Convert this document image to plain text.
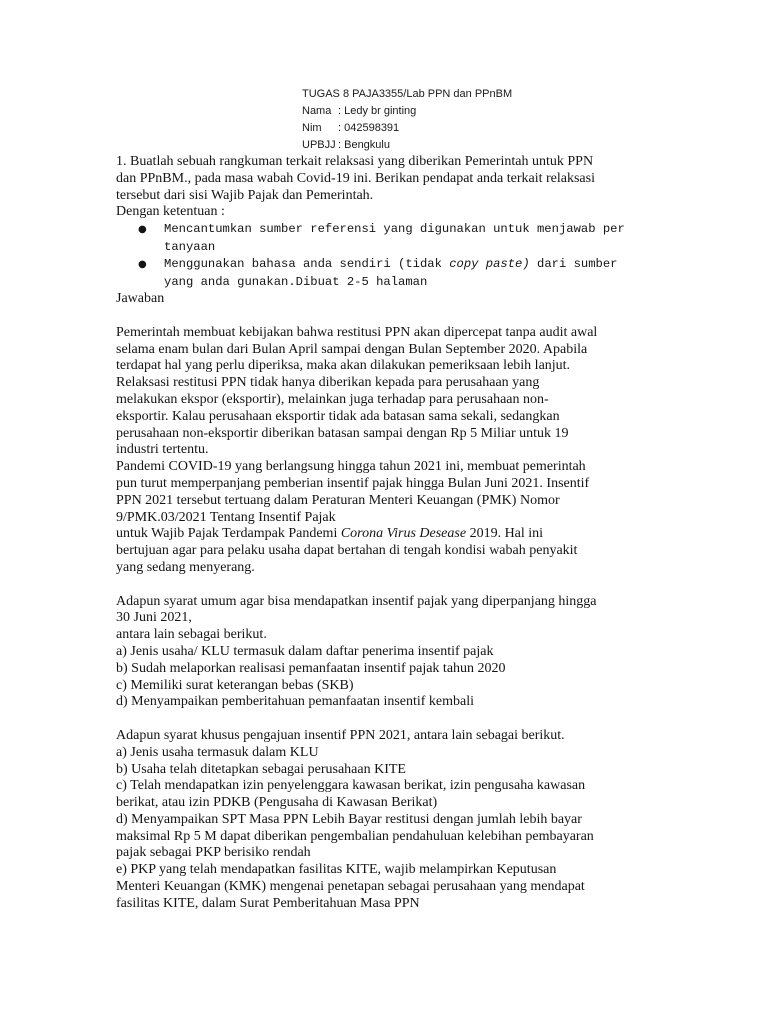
TUGAS 8 PAJA3355/Lab PPN dan PPnBM
Nama : Ledy br ginting
Nim : 042598391
UPBJJ : Bengkulu

1. Buatlah sebuah rangkuman terkait relaksasi yang diberikan Pemerintah untuk PPN

dan PPnBM., pada masa wabah Covid-19 ini. Berikan pendapat anda terkait relaksasi

tersebut dari sisi Wajib Pajak dan Pemerintah.

Dengan ketentuan :

● Mencantumkan sumber referensi yang digunakan untuk menjawab per
tanyaan
● Menggunakan bahasa anda sendiri (tidak copy paste) dari sumber
yang anda gunakan.Dibuat 2-5 halaman

Jawaban

Pemerintah membuat kebijakan bahwa restitusi PPN akan dipercepat tanpa audit awal

selama enam bulan dari Bulan April sampai dengan Bulan September 2020. Apabila

terdapat hal yang perlu diperiksa, maka akan dilakukan pemeriksaan lebih lanjut.

Relaksasi restitusi PPN tidak hanya diberikan kepada para perusahaan yang

melakukan ekspor (eksportir), melainkan juga terhadap para perusahaan non-

eksportir. Kalau perusahaan eksportir tidak ada batasan sama sekali, sedangkan

perusahaan non-eksportir diberikan batasan sampai dengan Rp 5 Miliar untuk 19

industri tertentu.

Pandemi COVID-19 yang berlangsung hingga tahun 2021 ini, membuat pemerintah

pun turut memperpanjang pemberian insentif pajak hingga Bulan Juni 2021. Insentif

PPN 2021 tersebut tertuang dalam Peraturan Menteri Keuangan (PMK) Nomor

9/PMK.03/2021 Tentang Insentif Pajak

untuk Wajib Pajak Terdampak Pandemi Corona Virus Desease 2019. Hal ini

bertujuan agar para pelaku usaha dapat bertahan di tengah kondisi wabah penyakit

yang sedang menyerang.

Adapun syarat umum agar bisa mendapatkan insentif pajak yang diperpanjang hingga

30 Juni 2021,

antara lain sebagai berikut.

a) Jenis usaha/ KLU termasuk dalam daftar penerima insentif pajak

b) Sudah melaporkan realisasi pemanfaatan insentif pajak tahun 2020

c) Memiliki surat keterangan bebas (SKB)

d) Menyampaikan pemberitahuan pemanfaatan insentif kembali

Adapun syarat khusus pengajuan insentif PPN 2021, antara lain sebagai berikut.

a) Jenis usaha termasuk dalam KLU

b) Usaha telah ditetapkan sebagai perusahaan KITE

c) Telah mendapatkan izin penyelenggara kawasan berikat, izin pengusaha kawasan

berikat, atau izin PDKB (Pengusaha di Kawasan Berikat)

d) Menyampaikan SPT Masa PPN Lebih Bayar restitusi dengan jumlah lebih bayar

maksimal Rp 5 M dapat diberikan pengembalian pendahuluan kelebihan pembayaran

pajak sebagai PKP berisiko rendah

e) PKP yang telah mendapatkan fasilitas KITE, wajib melampirkan Keputusan

Menteri Keuangan (KMK) mengenai penetapan sebagai perusahaan yang mendapat

fasilitas KITE, dalam Surat Pemberitahuan Masa PPN
